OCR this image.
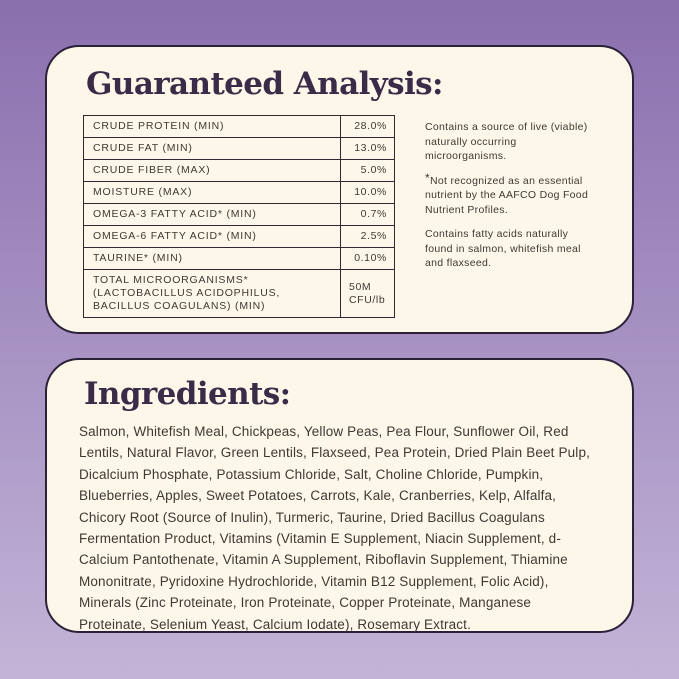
Guaranteed Analysis:
CRUDE PROTEIN (MIN)	28.0%
CRUDE FAT (MIN)	13.0%
CRUDE FIBER (MAX)	5.0%
MOISTURE (MAX)	10.0%
OMEGA-3 FATTY ACID* (MIN)	0.7%
OMEGA-6 FATTY ACID* (MIN)	2.5%
TAURINE* (MIN)	0.10%
TOTAL MICROORGANISMS* (LACTOBACILLUS ACIDOPHILUS, BACILLUS COAGULANS) (MIN)	50M CFU/lb

Contains a source of live (viable) naturally occurring microorganisms.

*Not recognized as an essential nutrient by the AAFCO Dog Food Nutrient Profiles.

Contains fatty acids naturally found in salmon, whitefish meal and flaxseed.

Ingredients:

Salmon, Whitefish Meal, Chickpeas, Yellow Peas, Pea Flour, Sunflower Oil, Red Lentils, Natural Flavor, Green Lentils, Flaxseed, Pea Protein, Dried Plain Beet Pulp, Dicalcium Phosphate, Potassium Chloride, Salt, Choline Chloride, Pumpkin, Blueberries, Apples, Sweet Potatoes, Carrots, Kale, Cranberries, Kelp, Alfalfa, Chicory Root (Source of Inulin), Turmeric, Taurine, Dried Bacillus Coagulans Fermentation Product, Vitamins (Vitamin E Supplement, Niacin Supplement, d-Calcium Pantothenate, Vitamin A Supplement, Riboflavin Supplement, Thiamine Mononitrate, Pyridoxine Hydrochloride, Vitamin B12 Supplement, Folic Acid), Minerals (Zinc Proteinate, Iron Proteinate, Copper Proteinate, Manganese Proteinate, Selenium Yeast, Calcium Iodate), Rosemary Extract.
